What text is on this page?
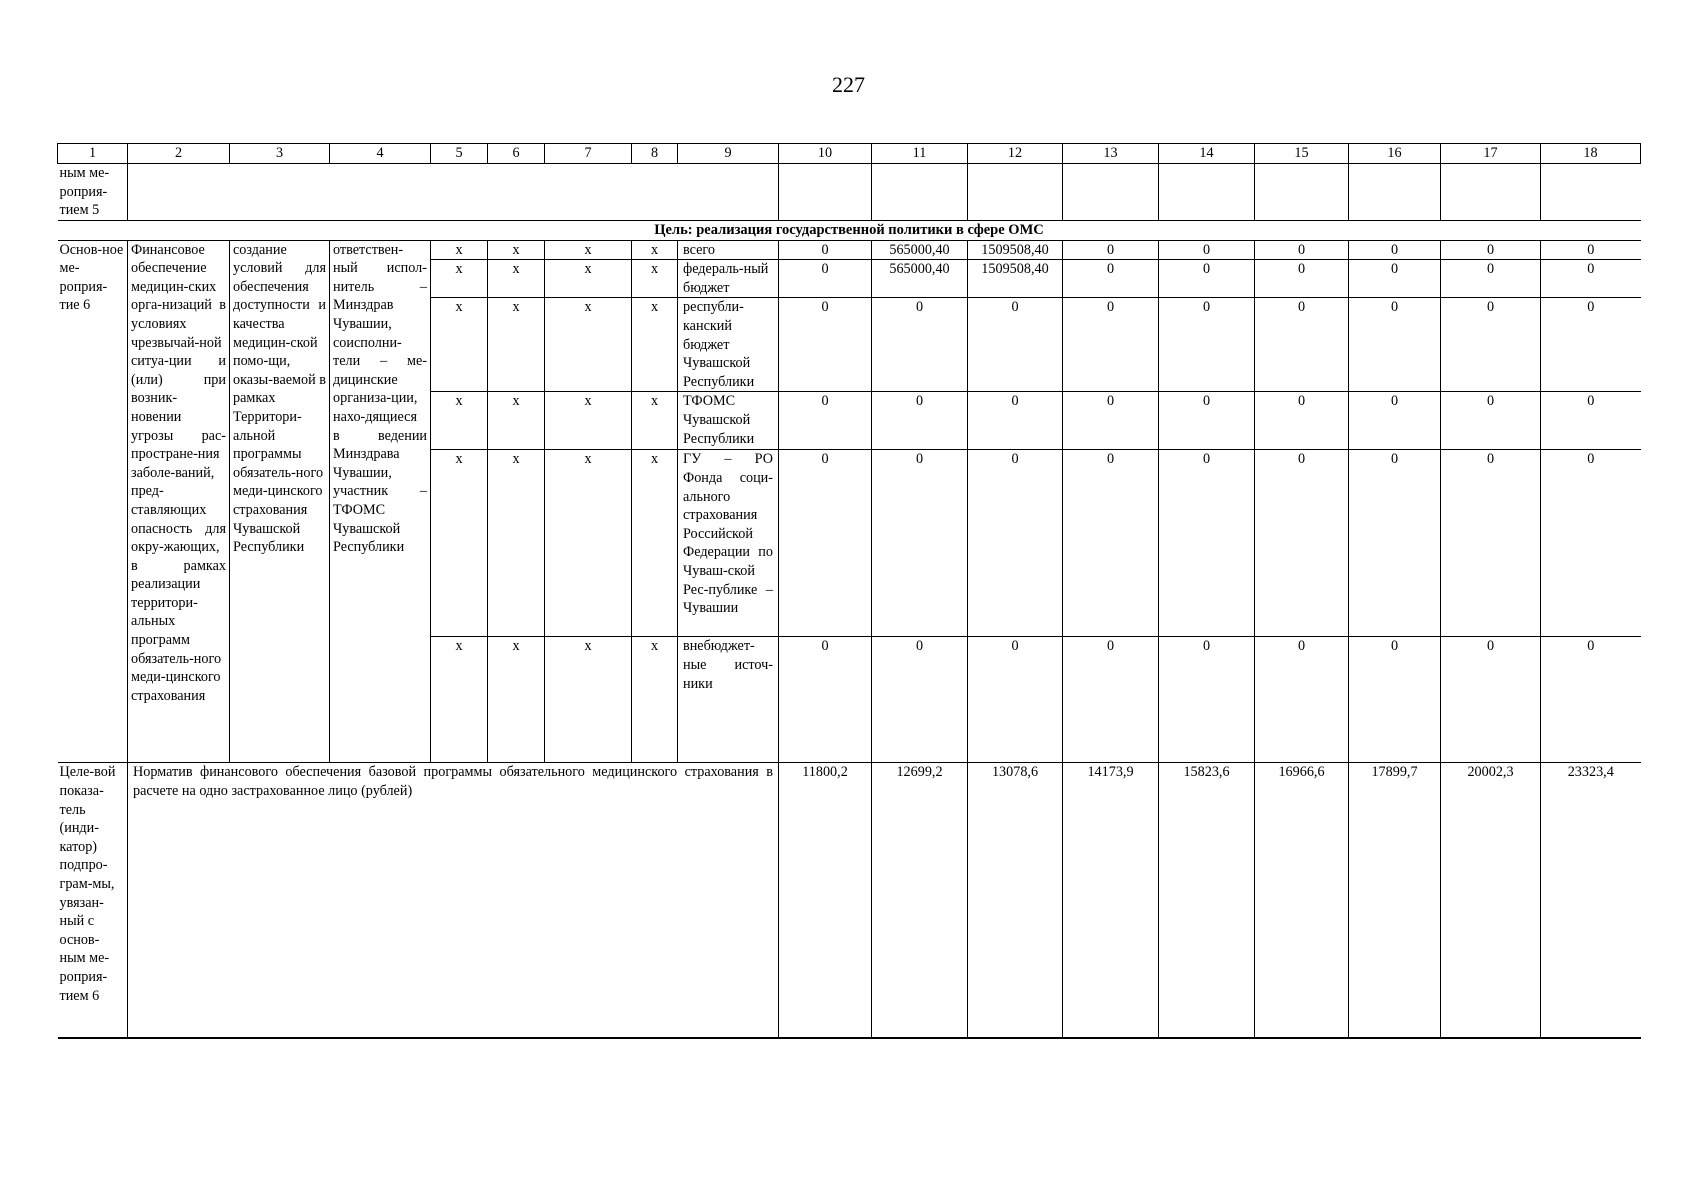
227
1	2	3	4	5	6	7	8	9	10	11	12	13	14	15	16	17	18
ным ме-роприя-тием 5																	
Цель: реализация государственной политики в сфере ОМС																	
Основ-ное ме-роприя-тие 6	Финансовое обеспечение медицин-ских орга-низаций в условиях чрезвычай-ной ситуа-ции и (или) при возник-новении угрозы рас-простране-ния заболе-ваний, пред-ставляющих опасность для окру-жающих, в рамках реализации территори-альных программ обязатель-ного меди-цинского страхования	создание условий для обеспечения доступности и качества медицин-ской помо-щи, оказы-ваемой в рамках Территори-альной программы обязатель-ного меди-цинского страхования Чувашской Республики	ответствен-ный испол-нитель – Минздрав Чувашии, соисполни-тели – ме-дицинские организа-ции, нахо-дящиеся в ведении Минздрава Чувашии, участник – ТФОМС Чувашской Республики	x	x	x	x	всего	0	565000,40	1509508,40	0	0	0	0	0	0
				x	x	x	x	федераль-ный бюджет	0	565000,40	1509508,40	0	0	0	0	0	0
				x	x	x	x	республи-канский бюджет Чувашской Республики	0	0	0	0	0	0	0	0	0
				x	x	x	x	ТФОМС Чувашской Республики	0	0	0	0	0	0	0	0	0
				x	x	x	x	ГУ – РО Фонда соци-ального страхования Российской Федерации по Чуваш-ской Рес-публике – Чувашии	0	0	0	0	0	0	0	0	0
				x	x	x	x	внебюджет-ные источ-ники	0	0	0	0	0	0	0	0	0
Целе-вой показа-тель (инди-катор) подпро-грам-мы, увязан-ный с основ-ным ме-роприя-тием 6	Норматив финансового обеспечения базовой программы обязательного медицинского страхования в расчете на одно застрахованное лицо (рублей)								11800,2	12699,2	13078,6	14173,9	15823,6	16966,6	17899,7	20002,3	23323,4
